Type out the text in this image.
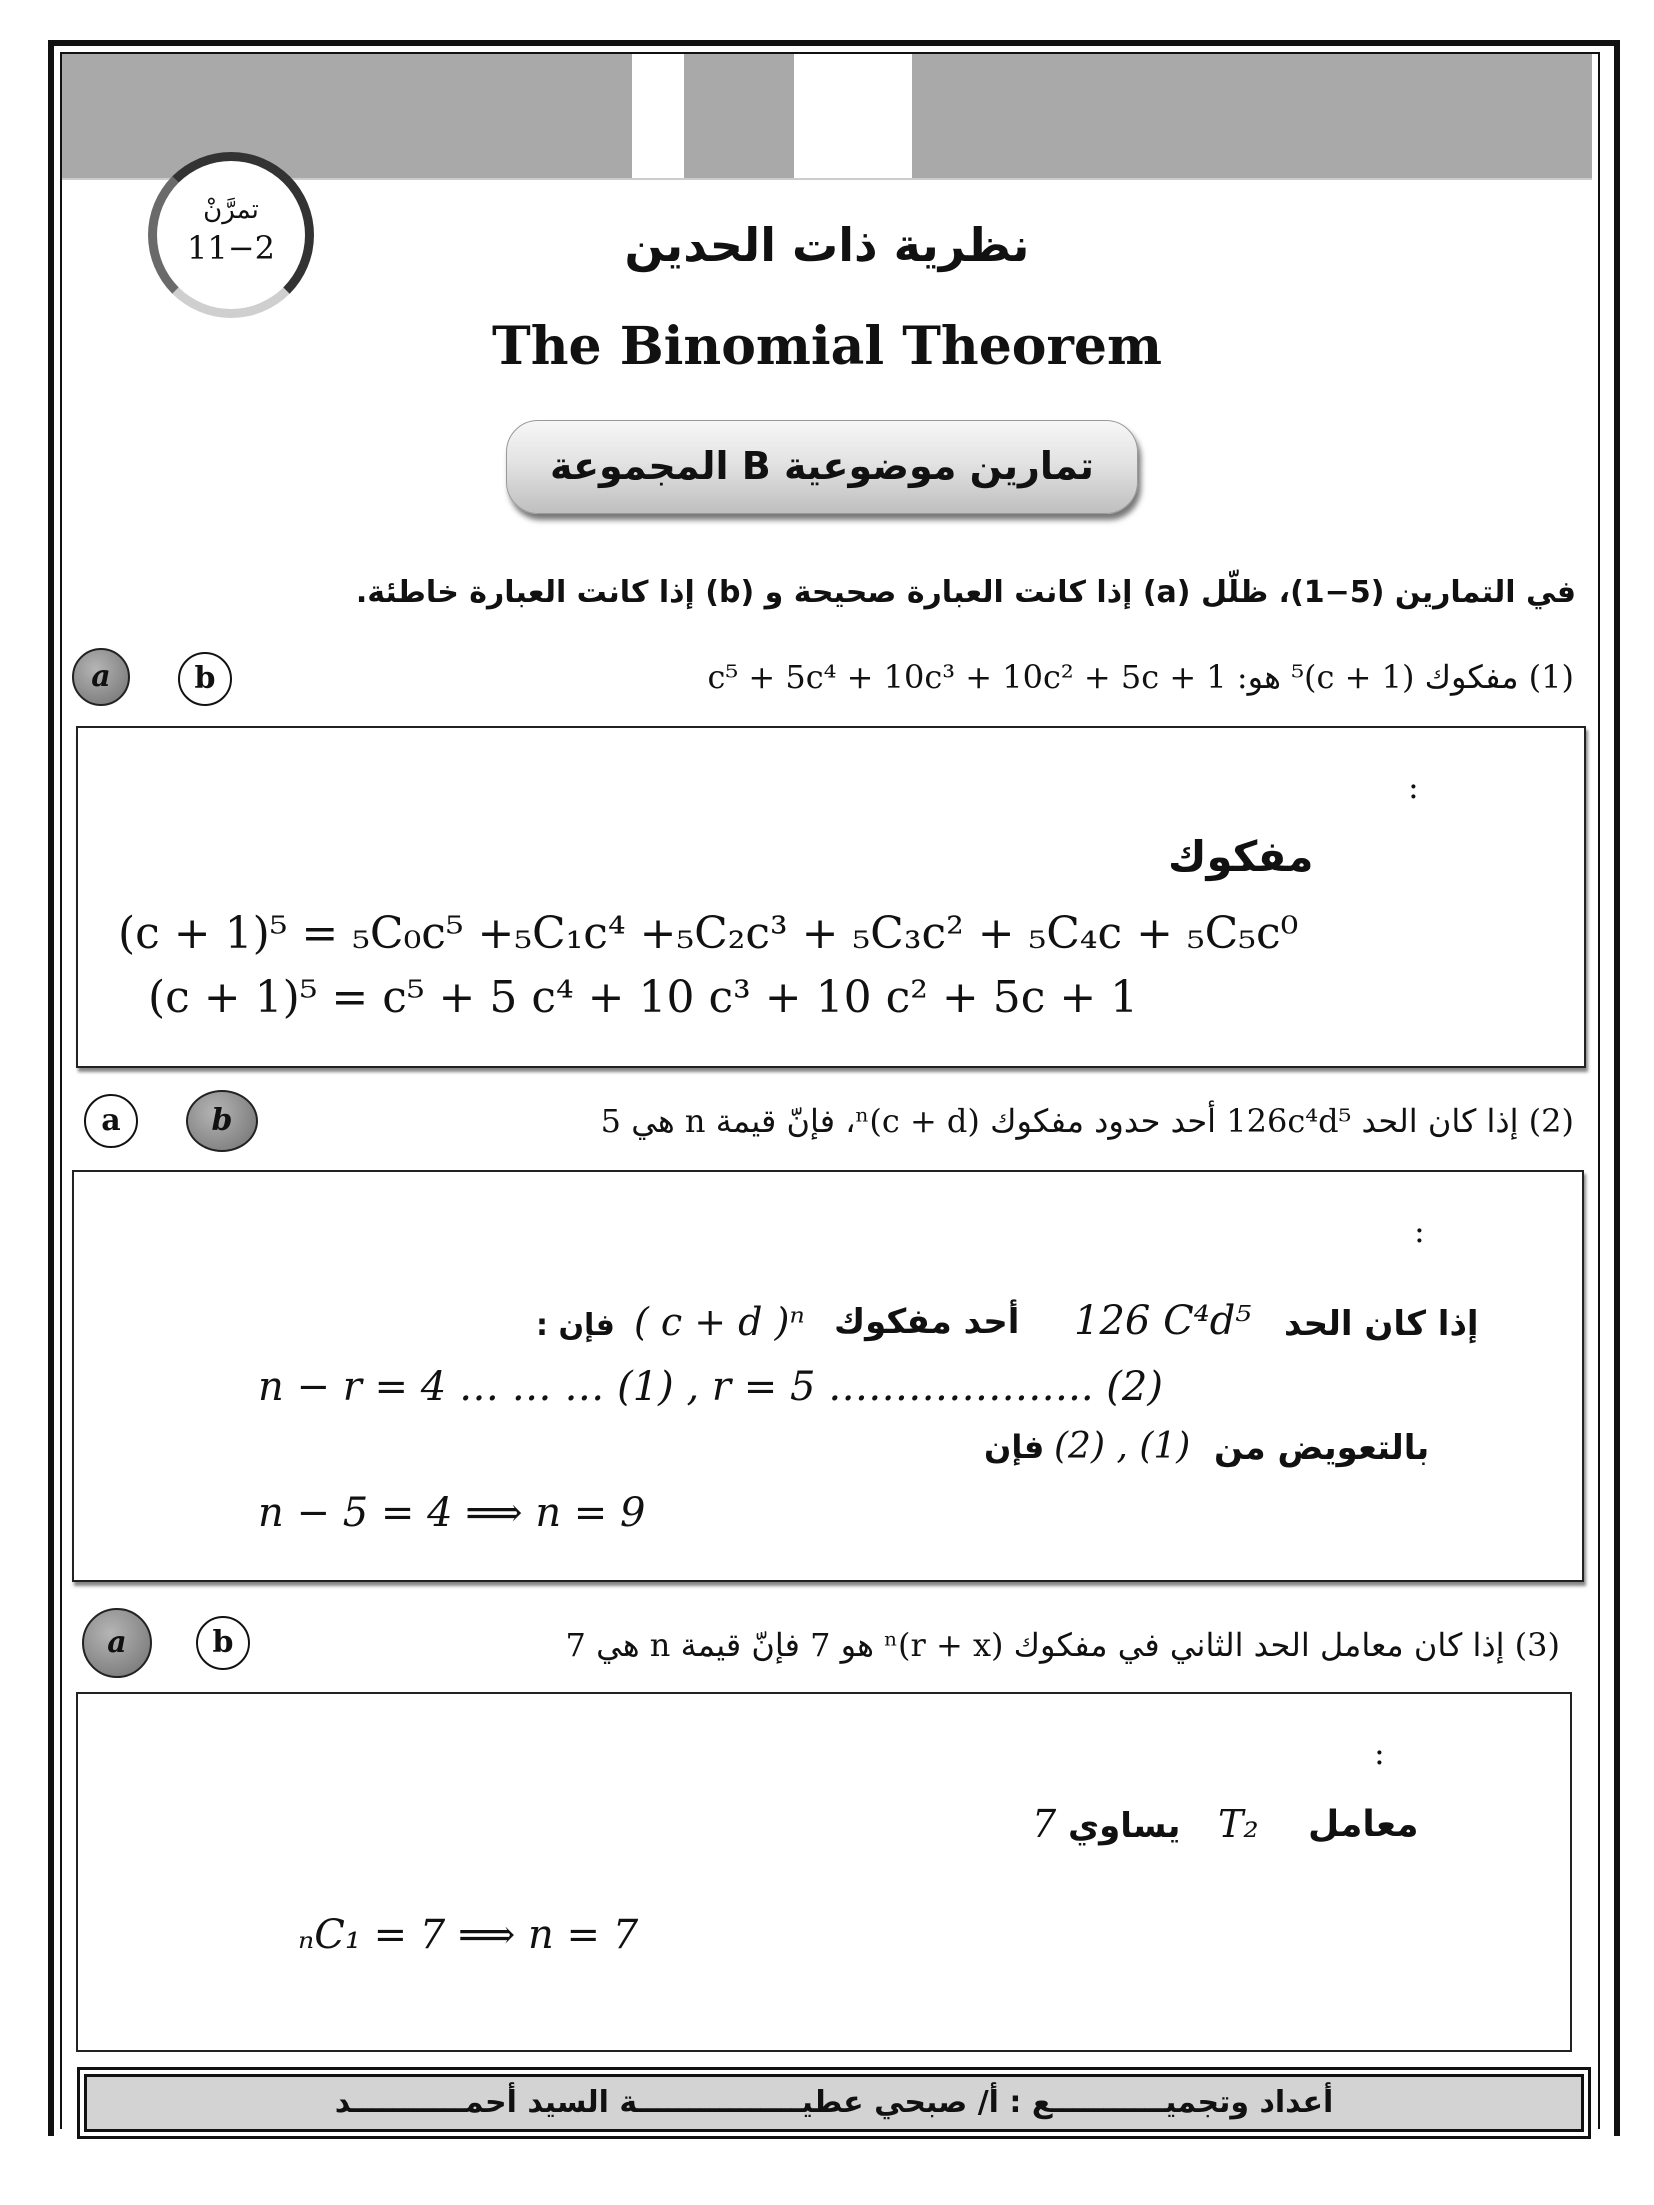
تمرَّنْ
11−2	نظرية ذات الحدين
The Binomial Theorem
المجموعة B تمارين موضوعية
في التمارين (5−1)، ظلّل (a) إذا كانت العبارة صحيحة و (b) إذا كانت العبارة خاطئة.
a	b	(1) مفكوك (c + 1)⁵ هو: c⁵ + 5c⁴ + 10c³ + 10c² + 5c + 1
:
مفكوك
(c + 1)⁵ = ₅C₀c⁵ +₅C₁c⁴ +₅C₂c³ + ₅C₃c² + ₅C₄c + ₅C₅c⁰
(c + 1)⁵ = c⁵ + 5 c⁴ + 10 c³ + 10 c² + 5c + 1
a	b	(2) إذا كان الحد 126c⁴d⁵ أحد حدود مفكوك (c + d)ⁿ، فإنّ قيمة n هي 5
:
إذا كان الحد
126 C⁴d⁵
أحد مفكوك
( c + d )ⁿ
فإن :
n − r = 4 … … … (1) , r = 5 ……………….. (2)
بالتعويض من
(2) , (1)
فإن
n − 5 = 4 ⟹ n = 9
a	b	(3) إذا كان معامل الحد الثاني في مفكوك (r + x)ⁿ هو 7 فإنّ قيمة n هي 7
:
معامل
T₂
يساوي
7
ₙC₁ = 7 ⟹ n = 7
أعداد وتجميـــــــــــع : أ/ صبحي عطيــــــــــــــــة السيد أحمـــــــــــد
